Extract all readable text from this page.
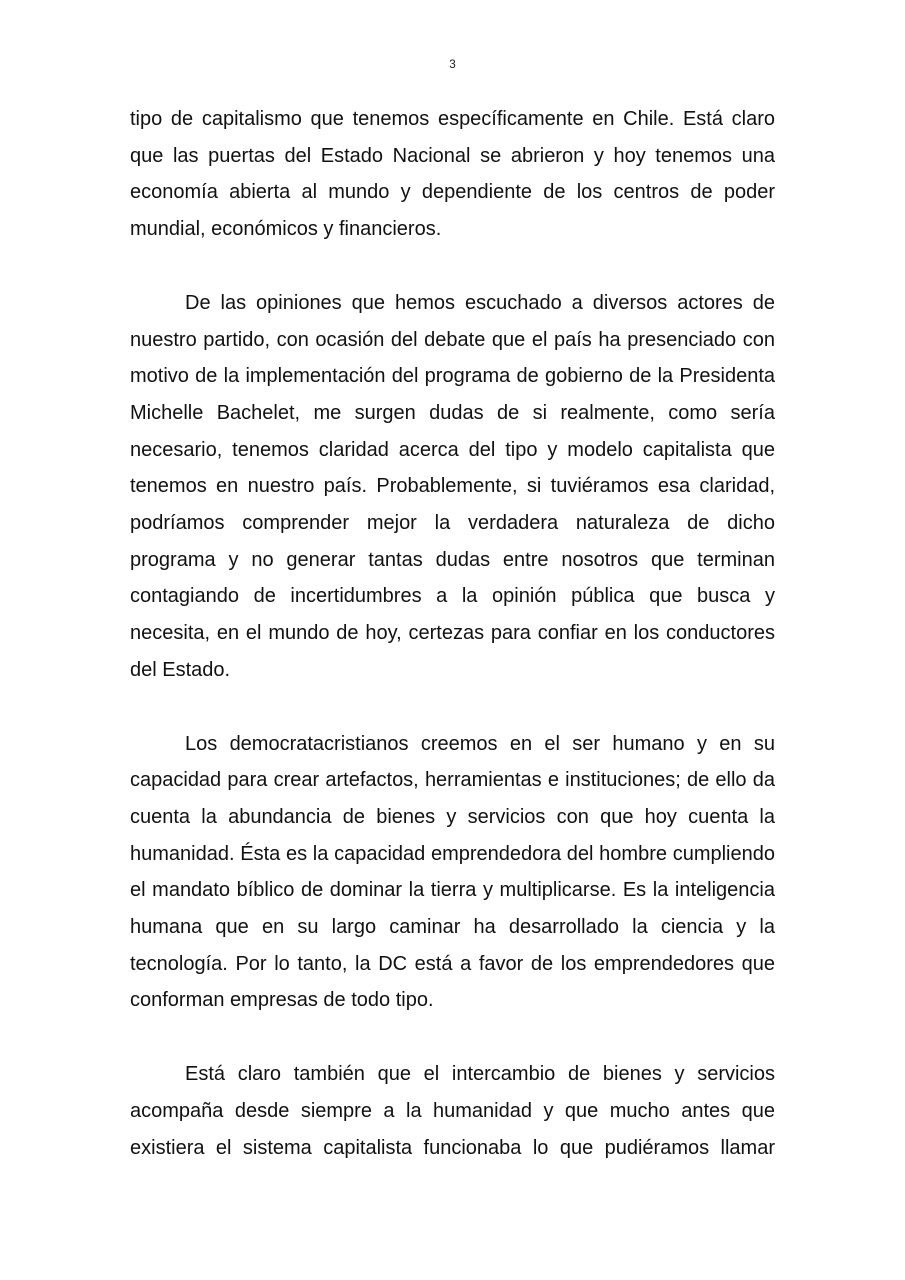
3

tipo de capitalismo que tenemos específicamente en Chile. Está claro que las puertas del Estado Nacional se abrieron y hoy tenemos una economía abierta al mundo y dependiente de los centros de poder mundial, económicos y financieros.

De las opiniones que hemos escuchado a diversos actores de nuestro partido, con ocasión del debate que el país ha presenciado con motivo de la implementación del programa de gobierno de la Presidenta Michelle Bachelet, me surgen dudas de si realmente, como sería necesario, tenemos claridad acerca del tipo y modelo capitalista que tenemos en nuestro país. Probablemente, si tuviéramos esa claridad, podríamos comprender mejor la verdadera naturaleza de dicho programa y no generar tantas dudas entre nosotros que terminan contagiando de incertidumbres a la opinión pública que busca y necesita, en el mundo de hoy, certezas para confiar en los conductores del Estado.

Los democratacristianos creemos en el ser humano y en su capacidad para crear artefactos, herramientas e instituciones; de ello da cuenta la abundancia de bienes y servicios con que hoy cuenta la humanidad. Ésta es la capacidad emprendedora del hombre cumpliendo el mandato bíblico de dominar la tierra y multiplicarse. Es la inteligencia humana que en su largo caminar ha desarrollado la ciencia y la tecnología. Por lo tanto, la DC está a favor de los emprendedores que conforman empresas de todo tipo.

Está claro también que el intercambio de bienes y servicios acompaña desde siempre a la humanidad y que mucho antes que existiera el sistema capitalista funcionaba lo que pudiéramos llamar
